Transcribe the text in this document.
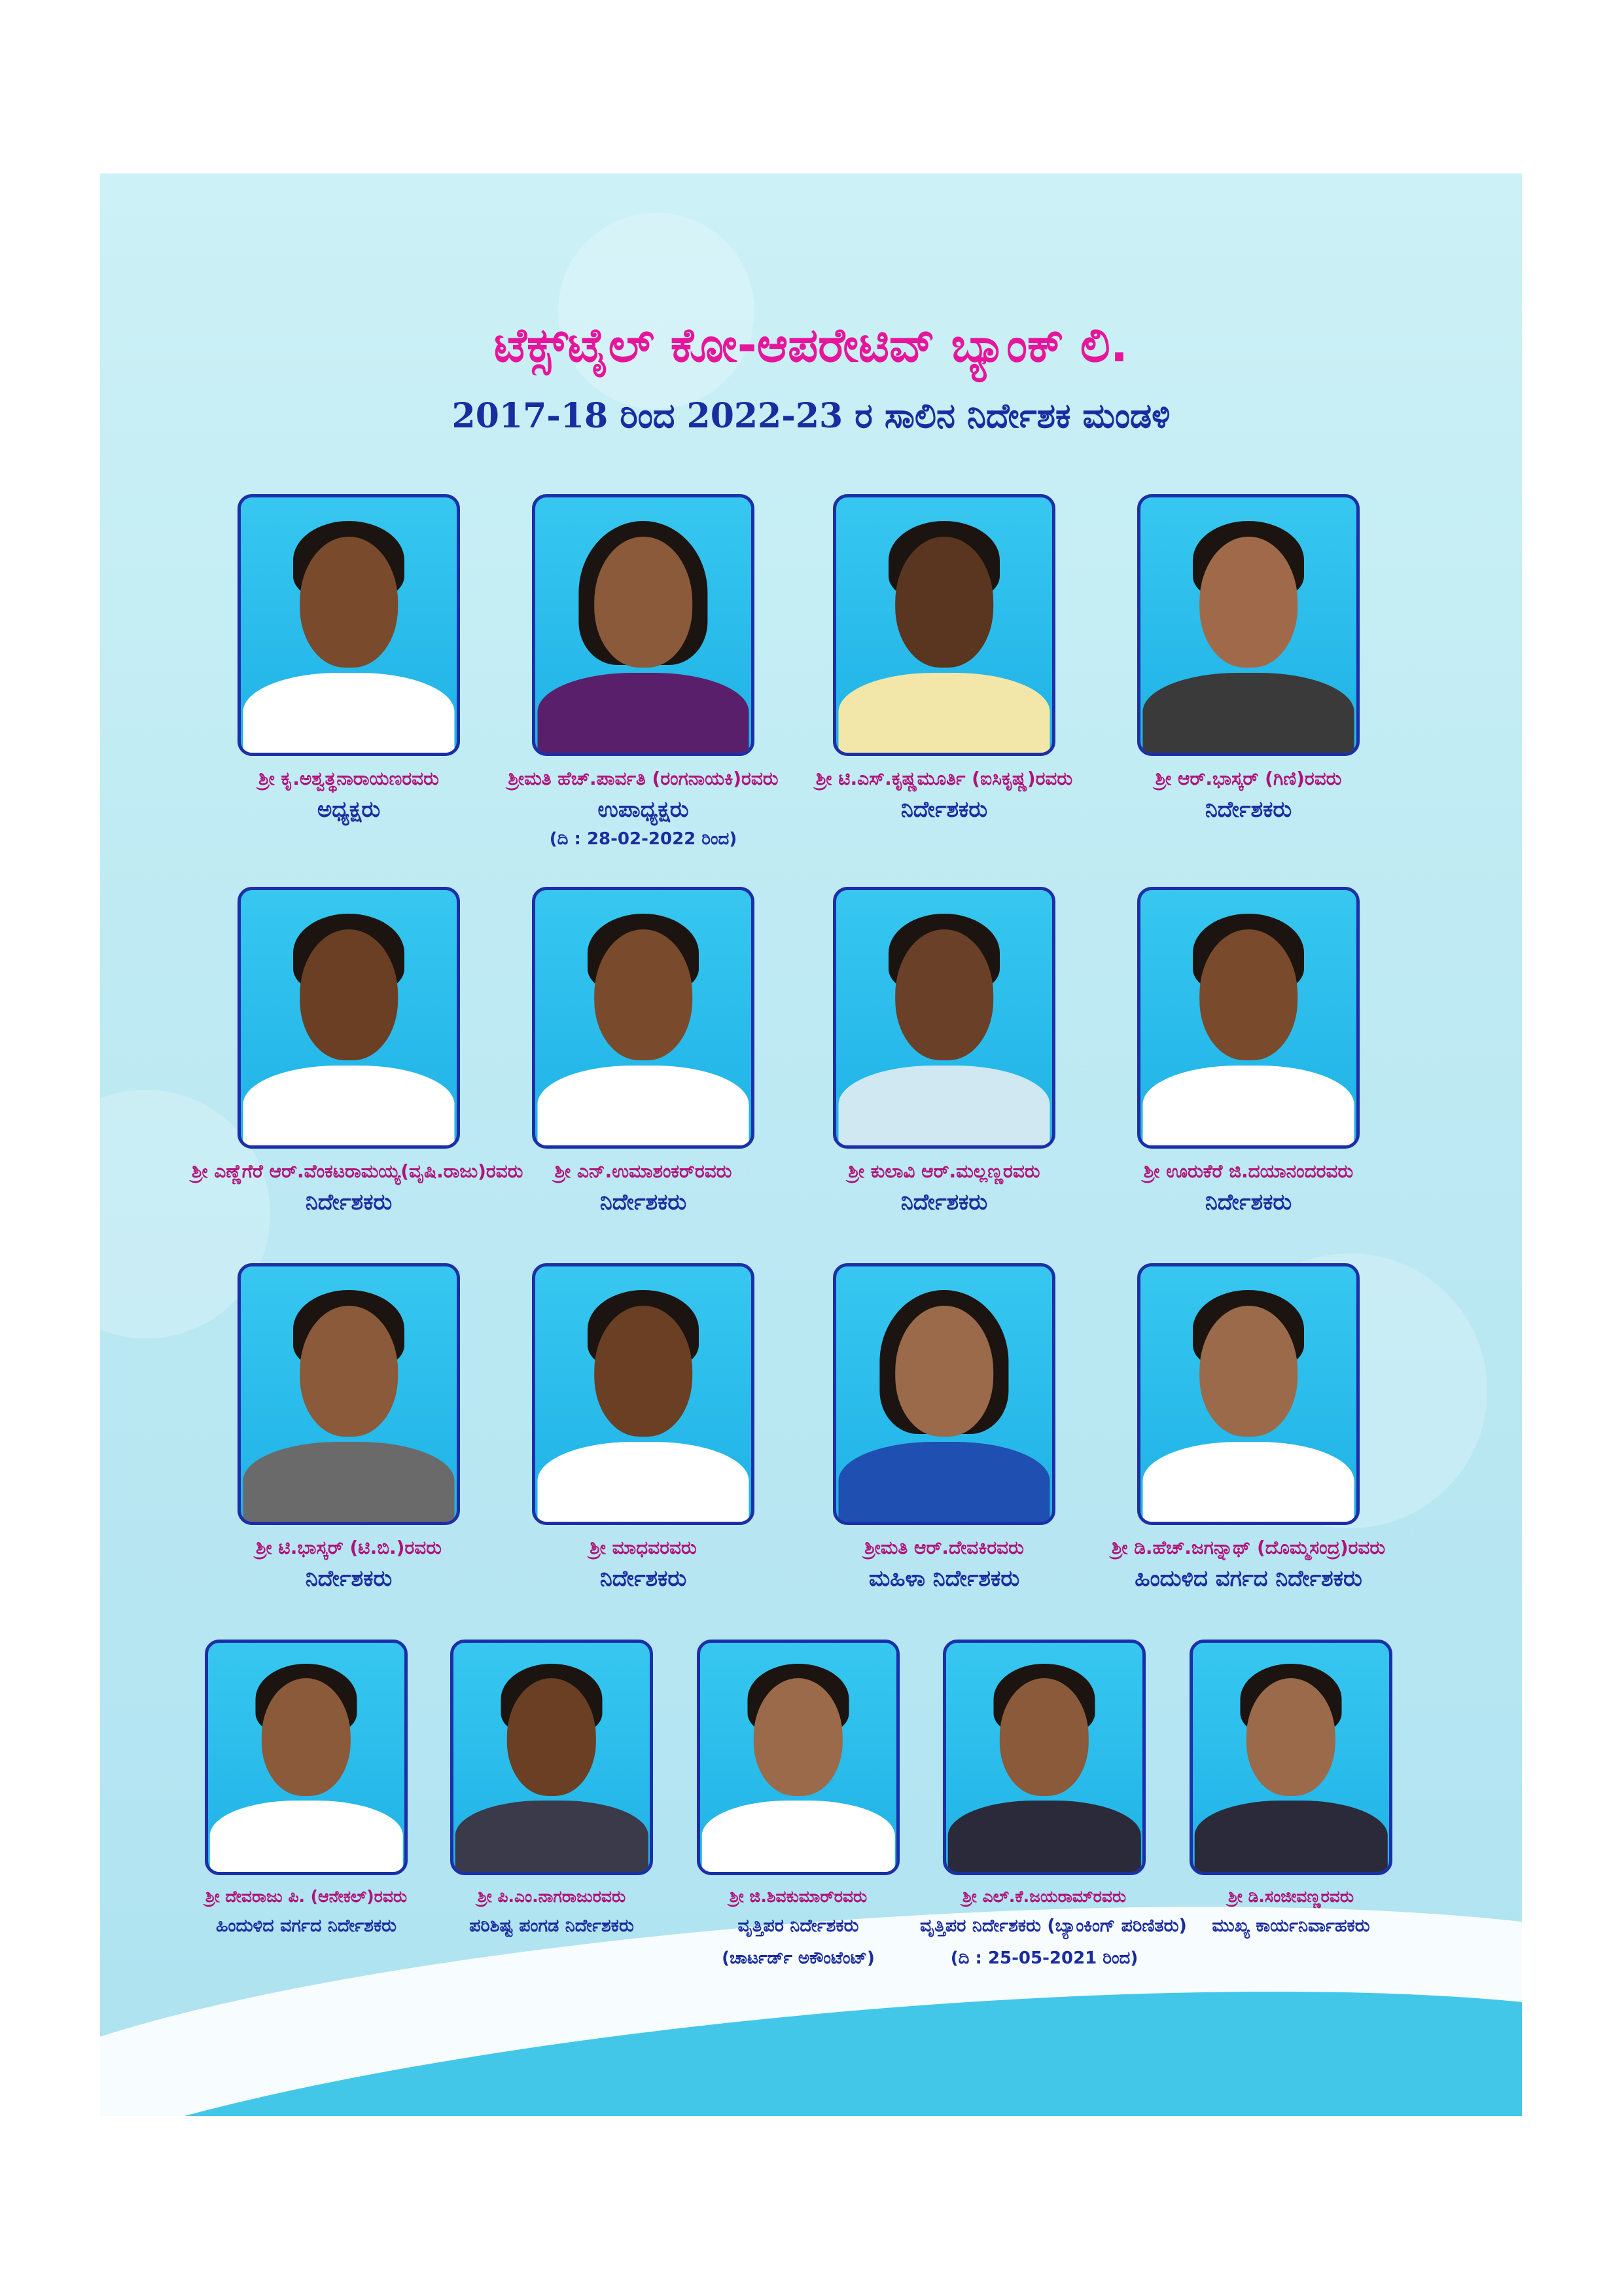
ಟೆಕ್ಸ್‌ಟೈಲ್ ಕೋ-ಆಪರೇಟಿವ್ ಬ್ಯಾಂಕ್ ಲಿ.
2017-18 ರಿಂದ 2022-23 ರ ಸಾಲಿನ ನಿರ್ದೇಶಕ ಮಂಡಳಿ
ಶ್ರೀ ಕೃ.ಅಶ್ವತ್ಥನಾರಾಯಣರವರು
ಅಧ್ಯಕ್ಷರು
ಶ್ರೀಮತಿ ಹೆಚ್.ಪಾರ್ವತಿ (ರಂಗನಾಯಕಿ)ರವರು
ಉಪಾಧ್ಯಕ್ಷರು
(ದಿ : 28-02-2022 ರಿಂದ)
ಶ್ರೀ ಟಿ.ಎಸ್.ಕೃಷ್ಣಮೂರ್ತಿ (ಐಸಿಕೃಷ್ಣ)ರವರು
ನಿರ್ದೇಶಕರು
ಶ್ರೀ ಆರ್.ಭಾಸ್ಕರ್ (ಗಿಣಿ)ರವರು
ನಿರ್ದೇಶಕರು
ಶ್ರೀ ಎಣ್ಣೆಗೆರೆ ಆರ್.ವೆಂಕಟರಾಮಯ್ಯ(ವೃಷಿ.ರಾಜು)ರವರು
ನಿರ್ದೇಶಕರು
ಶ್ರೀ ಎನ್.ಉಮಾಶಂಕರ್‌ರವರು
ನಿರ್ದೇಶಕರು
ಶ್ರೀ ಕುಲಾವಿ ಆರ್.ಮಲ್ಲಣ್ಣರವರು
ನಿರ್ದೇಶಕರು
ಶ್ರೀ ಊರುಕೆರೆ ಜಿ.ದಯಾನಂದರವರು
ನಿರ್ದೇಶಕರು
ಶ್ರೀ ಟಿ.ಭಾಸ್ಕರ್ (ಟಿ.ಬಿ.)ರವರು
ನಿರ್ದೇಶಕರು
ಶ್ರೀ ಮಾಧವರವರು
ನಿರ್ದೇಶಕರು
ಶ್ರೀಮತಿ ಆರ್.ದೇವಕಿರವರು
ಮಹಿಳಾ ನಿರ್ದೇಶಕರು
ಶ್ರೀ ಡಿ.ಹೆಚ್.ಜಗನ್ನಾಥ್ (ದೊಮ್ಮಸಂದ್ರ)ರವರು
ಹಿಂದುಳಿದ ವರ್ಗದ ನಿರ್ದೇಶಕರು
ಶ್ರೀ ದೇವರಾಜು ಪಿ. (ಆನೇಕಲ್)ರವರು
ಹಿಂದುಳಿದ ವರ್ಗದ ನಿರ್ದೇಶಕರು
ಶ್ರೀ ಪಿ.ಎಂ.ನಾಗರಾಜುರವರು
ಪರಿಶಿಷ್ಟ ಪಂಗಡ ನಿರ್ದೇಶಕರು
ಶ್ರೀ ಜಿ.ಶಿವಕುಮಾರ್‌ರವರು
ವೃತ್ತಿಪರ ನಿರ್ದೇಶಕರು
(ಚಾರ್ಟರ್ಡ್ ಅಕೌಂಟೆಂಟ್)
ಶ್ರೀ ಎಲ್.ಕೆ.ಜಯರಾಮ್‌ರವರು
ವೃತ್ತಿಪರ ನಿರ್ದೇಶಕರು (ಬ್ಯಾಂಕಿಂಗ್ ಪರಿಣಿತರು)
(ದಿ : 25-05-2021 ರಿಂದ)
ಶ್ರೀ ಡಿ.ಸಂಜೀವಣ್ಣರವರು
ಮುಖ್ಯ ಕಾರ್ಯನಿರ್ವಾಹಕರು
